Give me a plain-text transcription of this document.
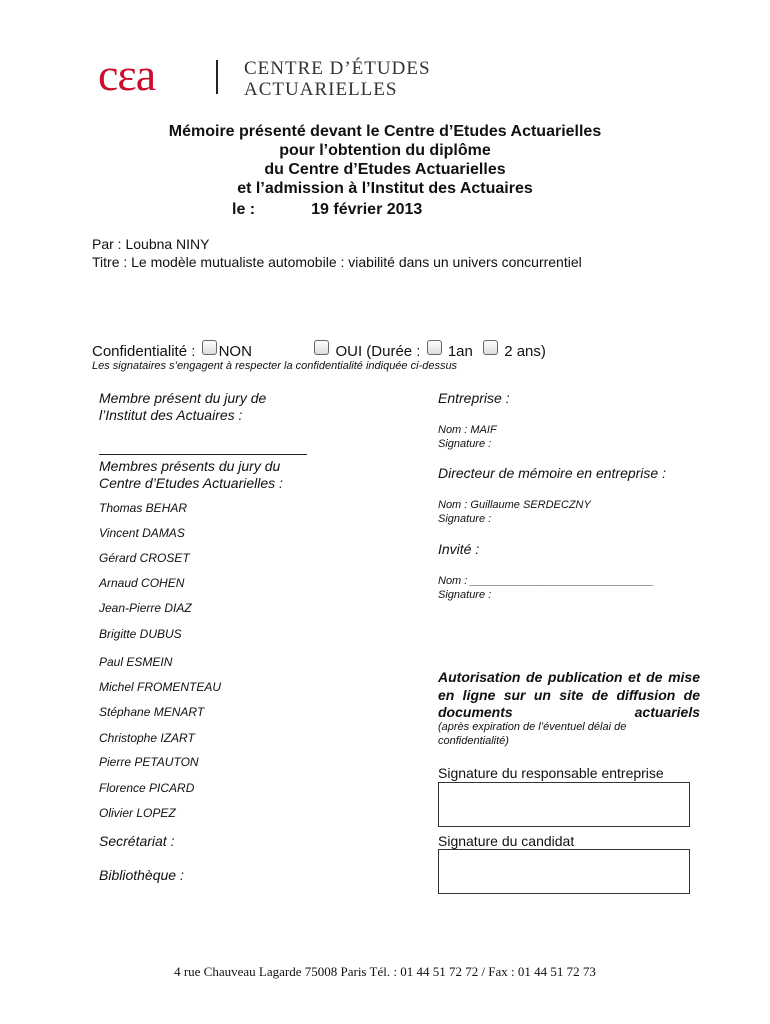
cɛa	CENTRE D’ÉTUDES
ACTUARIELLES
Mémoire présenté devant le Centre d’Etudes Actuarielles
pour l’obtention du diplôme
du Centre d’Etudes Actuarielles
et l’admission à l’Institut des Actuaires
le :	19 février 2013
Par : Loubna NINY
Titre : Le modèle mutualiste automobile : viabilité dans un univers concurrentiel
Confidentialité : NON	OUI (Durée : 1an 2 ans)
Les signataires s’engagent à respecter la confidentialité indiquée ci-dessus
Membre présent du jury de
l’Institut des Actuaires :
Membres présents du jury du
Centre d’Etudes Actuarielles :
Thomas BEHAR
Vincent DAMAS
Gérard CROSET
Arnaud COHEN
Jean-Pierre DIAZ
Brigitte DUBUS
Paul ESMEIN
Michel FROMENTEAU
Stéphane MENART
Christophe IZART
Pierre PETAUTON
Florence PICARD
Olivier LOPEZ
Secrétariat :
Bibliothèque :
Entreprise :
Nom : MAIF
Signature :
Directeur de mémoire en entreprise :
Nom : Guillaume SERDECZNY
Signature :
Invité :
Nom : ______________________________
Signature :
Autorisation de publication et de mise en ligne sur un site de diffusion de documents actuariels
(après expiration de l’éventuel délai de confidentialité)
Signature du responsable entreprise
Signature du candidat
4 rue Chauveau Lagarde 75008 Paris Tél. : 01 44 51 72 72 / Fax : 01 44 51 72 73
